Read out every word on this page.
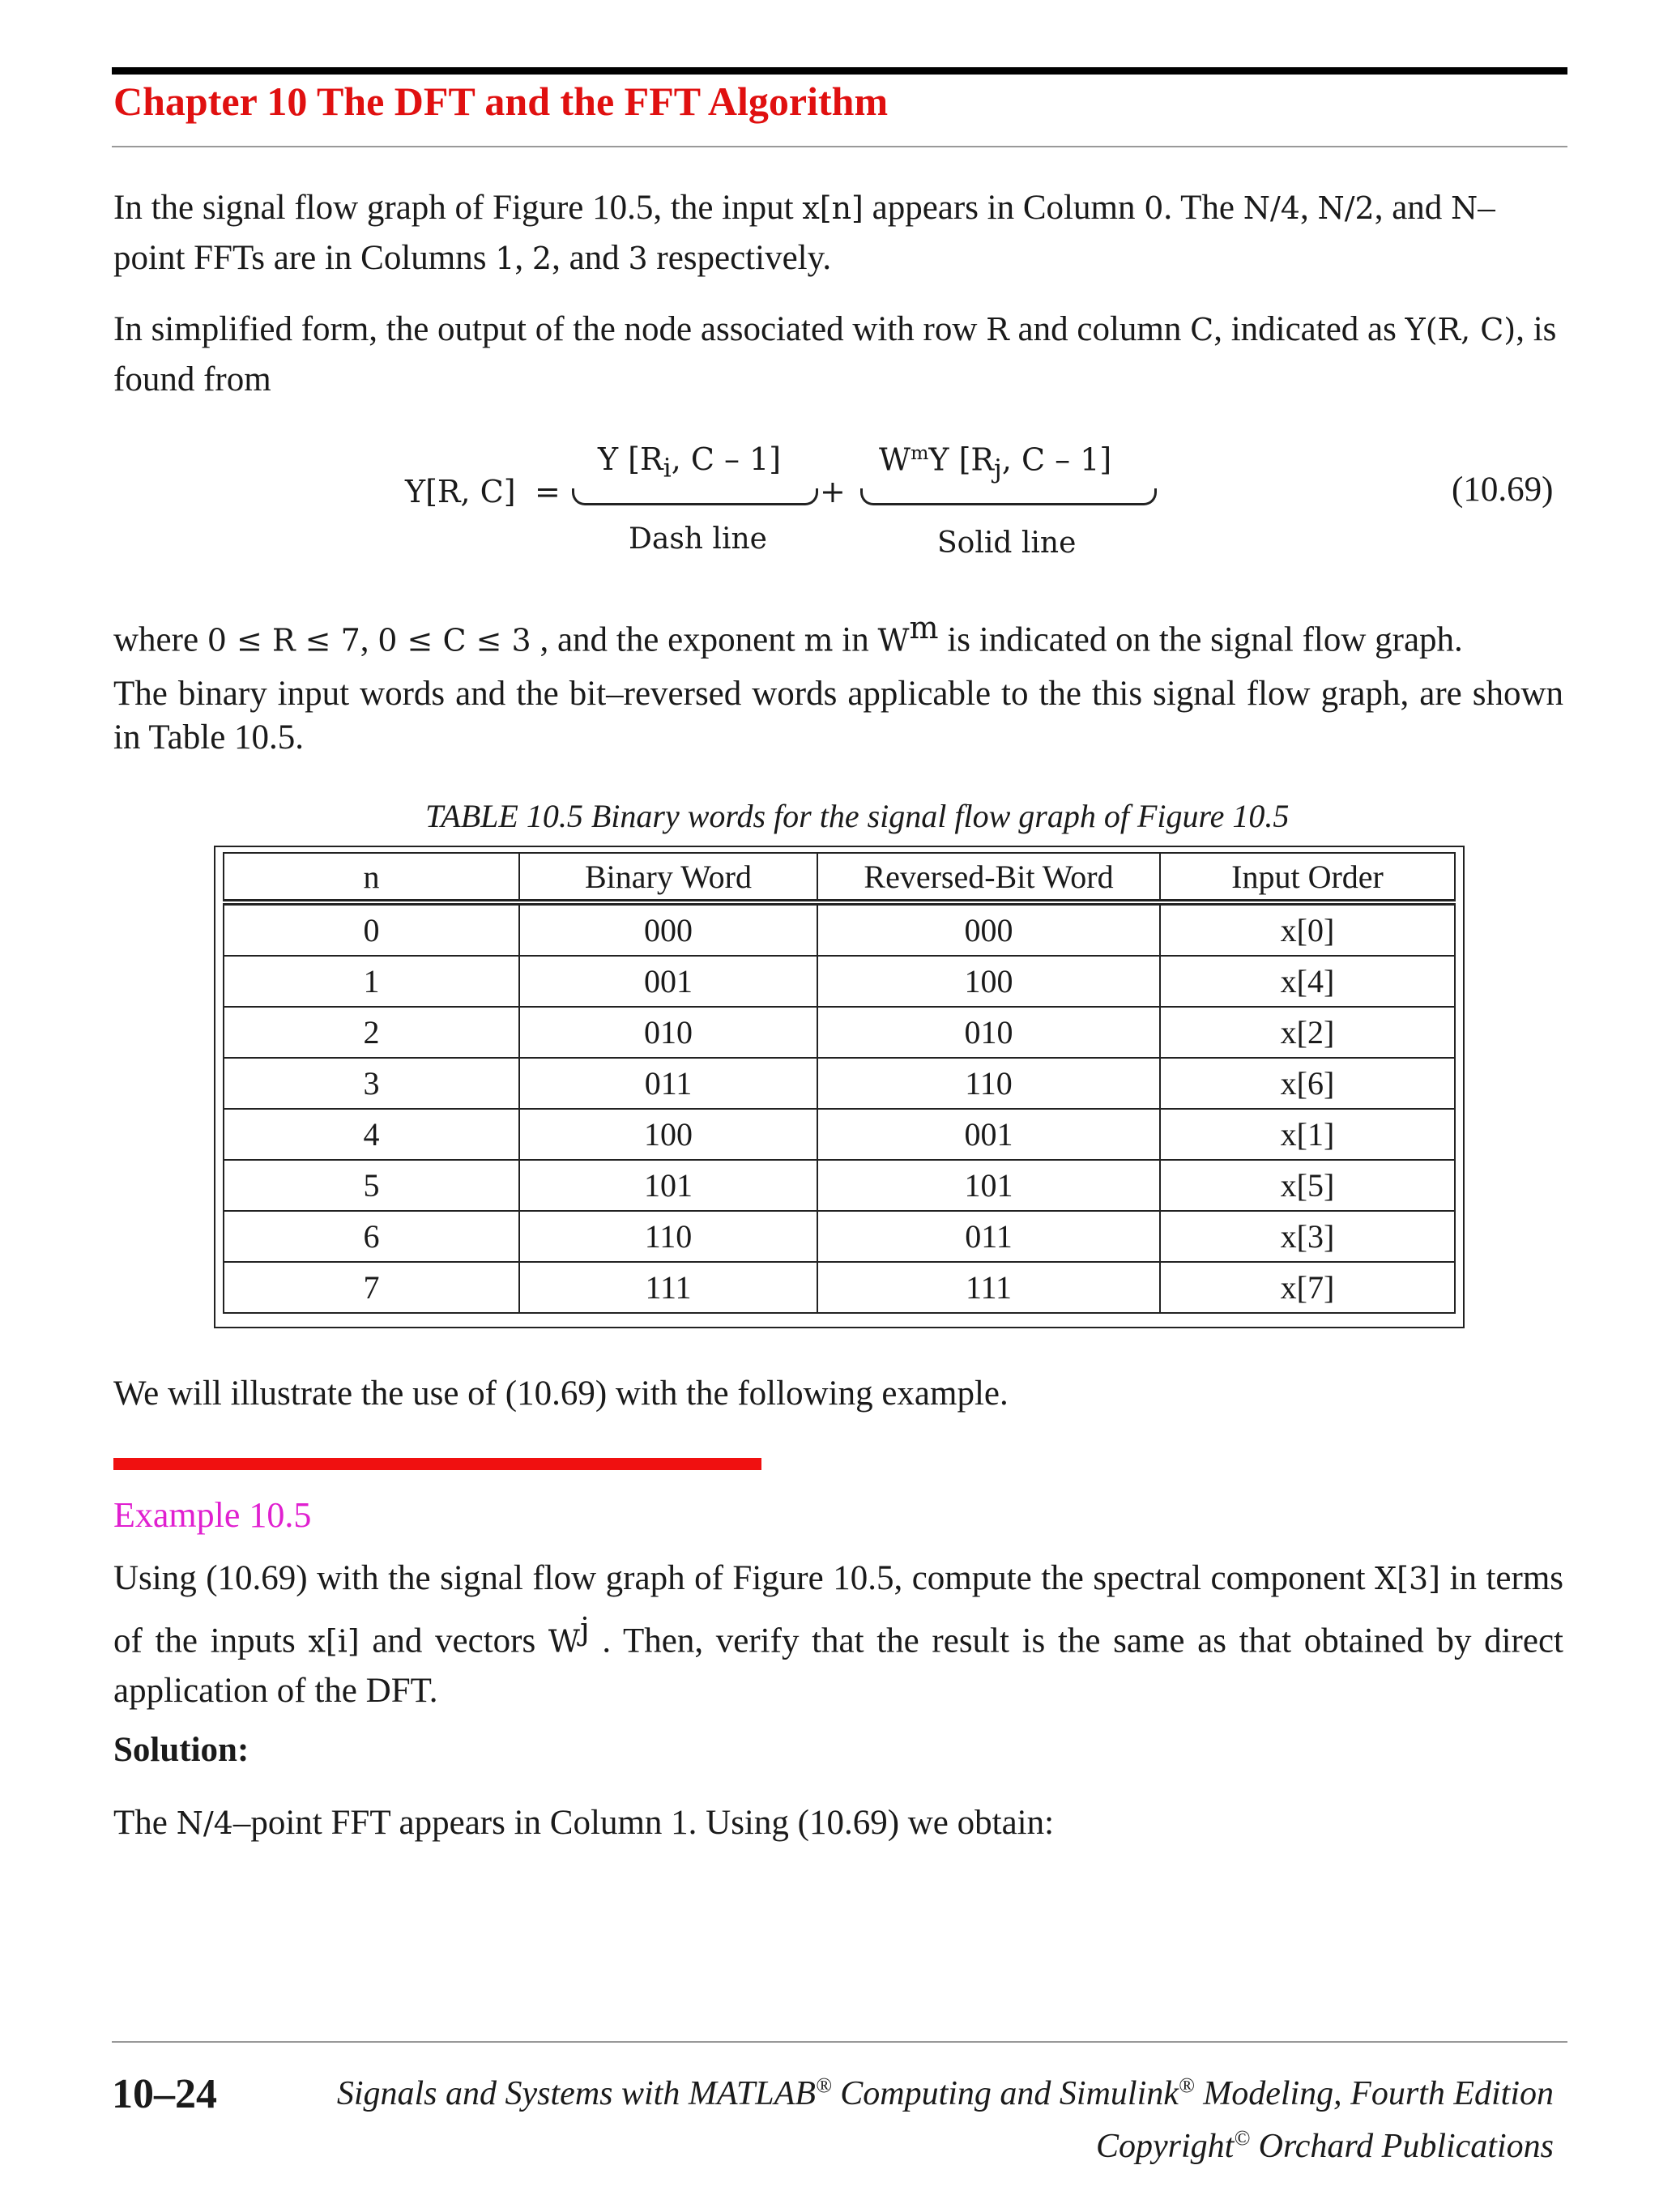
Chapter 10 The DFT and the FFT Algorithm
In the signal flow graph of Figure 10.5, the input x[n] appears in Column 0. The N/4, N/2, and N–point FFTs are in Columns 1, 2, and 3 respectively.
In simplified form, the output of the node associated with row R and column C, indicated as Y(R, C), is found from
Y[R, C] =
Y [$R_i$, C – 1]
Dash line
+
$W^mY$ [$R_j$, C – 1]
Solid line
(10.69)
where 0 ≤ R ≤ 7, 0 ≤ C ≤ 3 , and the exponent m in $W^m$ is indicated on the signal flow graph.
The binary input words and the bit–reversed words applicable to the this signal flow graph, are shown in Table 10.5.
TABLE 10.5 Binary words for the signal flow graph of Figure 10.5
n	Binary Word	Reversed-Bit Word	Input Order
0	000	000	x[0]
1	001	100	x[4]
2	010	010	x[2]
3	011	110	x[6]
4	100	001	x[1]
5	101	101	x[5]
6	110	011	x[3]
7	111	111	x[7]
We will illustrate the use of (10.69) with the following example.
Example 10.5
Using (10.69) with the signal flow graph of Figure 10.5, compute the spectral component X[3] in terms of the inputs x[i] and vectors $W^j$ . Then, verify that the result is the same as that obtained by direct application of the DFT.
Solution:
The N/4–point FFT appears in Column 1. Using (10.69) we obtain:
10–24	Signals and Systems with MATLAB® Computing and Simulink® Modeling, Fourth Edition
Copyright© Orchard Publications
